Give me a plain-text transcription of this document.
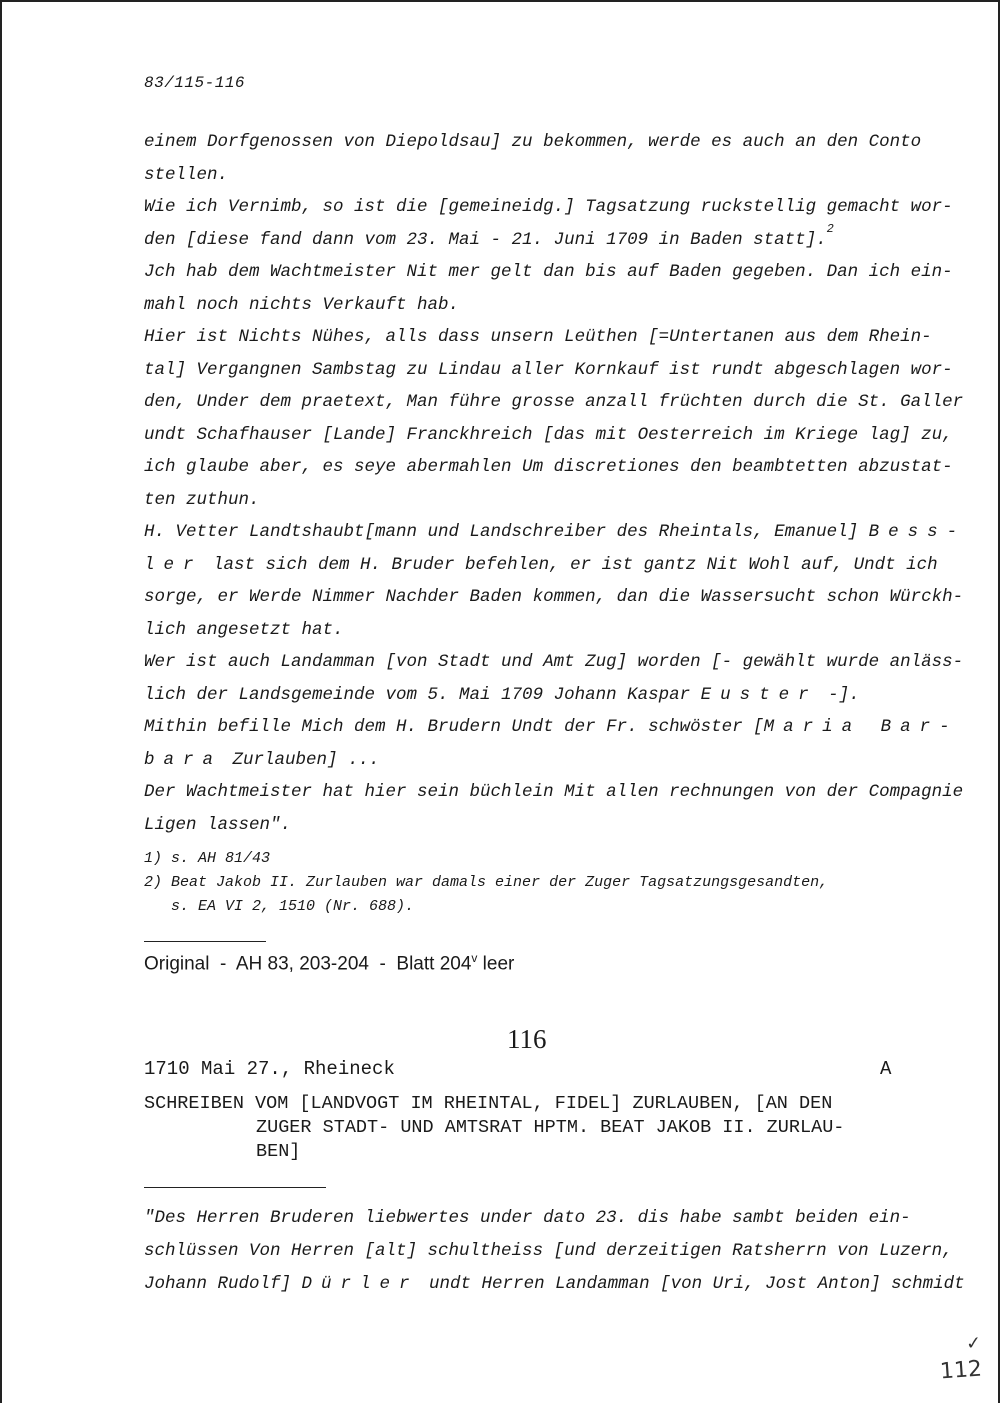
83/115-116
einem Dorfgenossen von Diepoldsau] zu bekommen, werde es auch an den Conto
stellen.
Wie ich Vernimb, so ist die [gemeineidg.] Tagsatzung ruckstellig gemacht wor-
den [diese fand dann vom 23. Mai - 21. Juni 1709 in Baden statt].$^2$
Jch hab dem Wachtmeister Nit mer gelt dan bis auf Baden gegeben. Dan ich ein-
mahl noch nichts Verkauft hab.
Hier ist Nichts Nühes, alls dass unsern Leüthen [=Untertanen aus dem Rhein-
tal] Vergangnen Sambstag zu Lindau aller Kornkauf ist rundt abgeschlagen wor-
den, Under dem praetext, Man führe grosse anzall früchten durch die St. Galler
undt Schafhauser [Lande] Franckhreich [das mit Oesterreich im Kriege lag] zu,
ich glaube aber, es seye abermahlen Um discretiones den beambtetten abzustat-
ten zuthun.
H. Vetter Landtshaubt[mann und Landschreiber des Rheintals, Emanuel] Bess-
ler last sich dem H. Bruder befehlen, er ist gantz Nit Wohl auf, Undt ich
sorge, er Werde Nimmer Nachder Baden kommen, dan die Wassersucht schon Würckh-
lich angesetzt hat.
Wer ist auch Landamman [von Stadt und Amt Zug] worden [- gewählt wurde anläss-
lich der Landsgemeinde vom 5. Mai 1709 Johann Kaspar Euster -].
Mithin befille Mich dem H. Brudern Undt der Fr. schwöster [Maria Bar-
bara Zurlauben] ...
Der Wachtmeister hat hier sein büchlein Mit allen rechnungen von der Compagnie
Ligen lassen".
1) s. AH 81/43
2) Beat Jakob II. Zurlauben war damals einer der Zuger Tagsatzungsgesandten,
s. EA VI 2, 1510 (Nr. 688).
Original  -  AH 83, 203-204  -  Blatt 204$^v$ leer
116
1710 Mai 27., Rheineck	A
SCHREIBEN VOM [LANDVOGT IM RHEINTAL, FIDEL] ZURLAUBEN, [AN DEN
ZUGER STADT- UND AMTSRAT HPTM. BEAT JAKOB II. ZURLAU-
BEN]
"Des Herren Bruderen liebwertes under dato 23. dis habe sambt beiden ein-
schlüssen Von Herren [alt] schultheiss [und derzeitigen Ratsherrn von Luzern,
Johann Rudolf] Dürler undt Herren Landamman [von Uri, Jost Anton] schmidt
✓
112
